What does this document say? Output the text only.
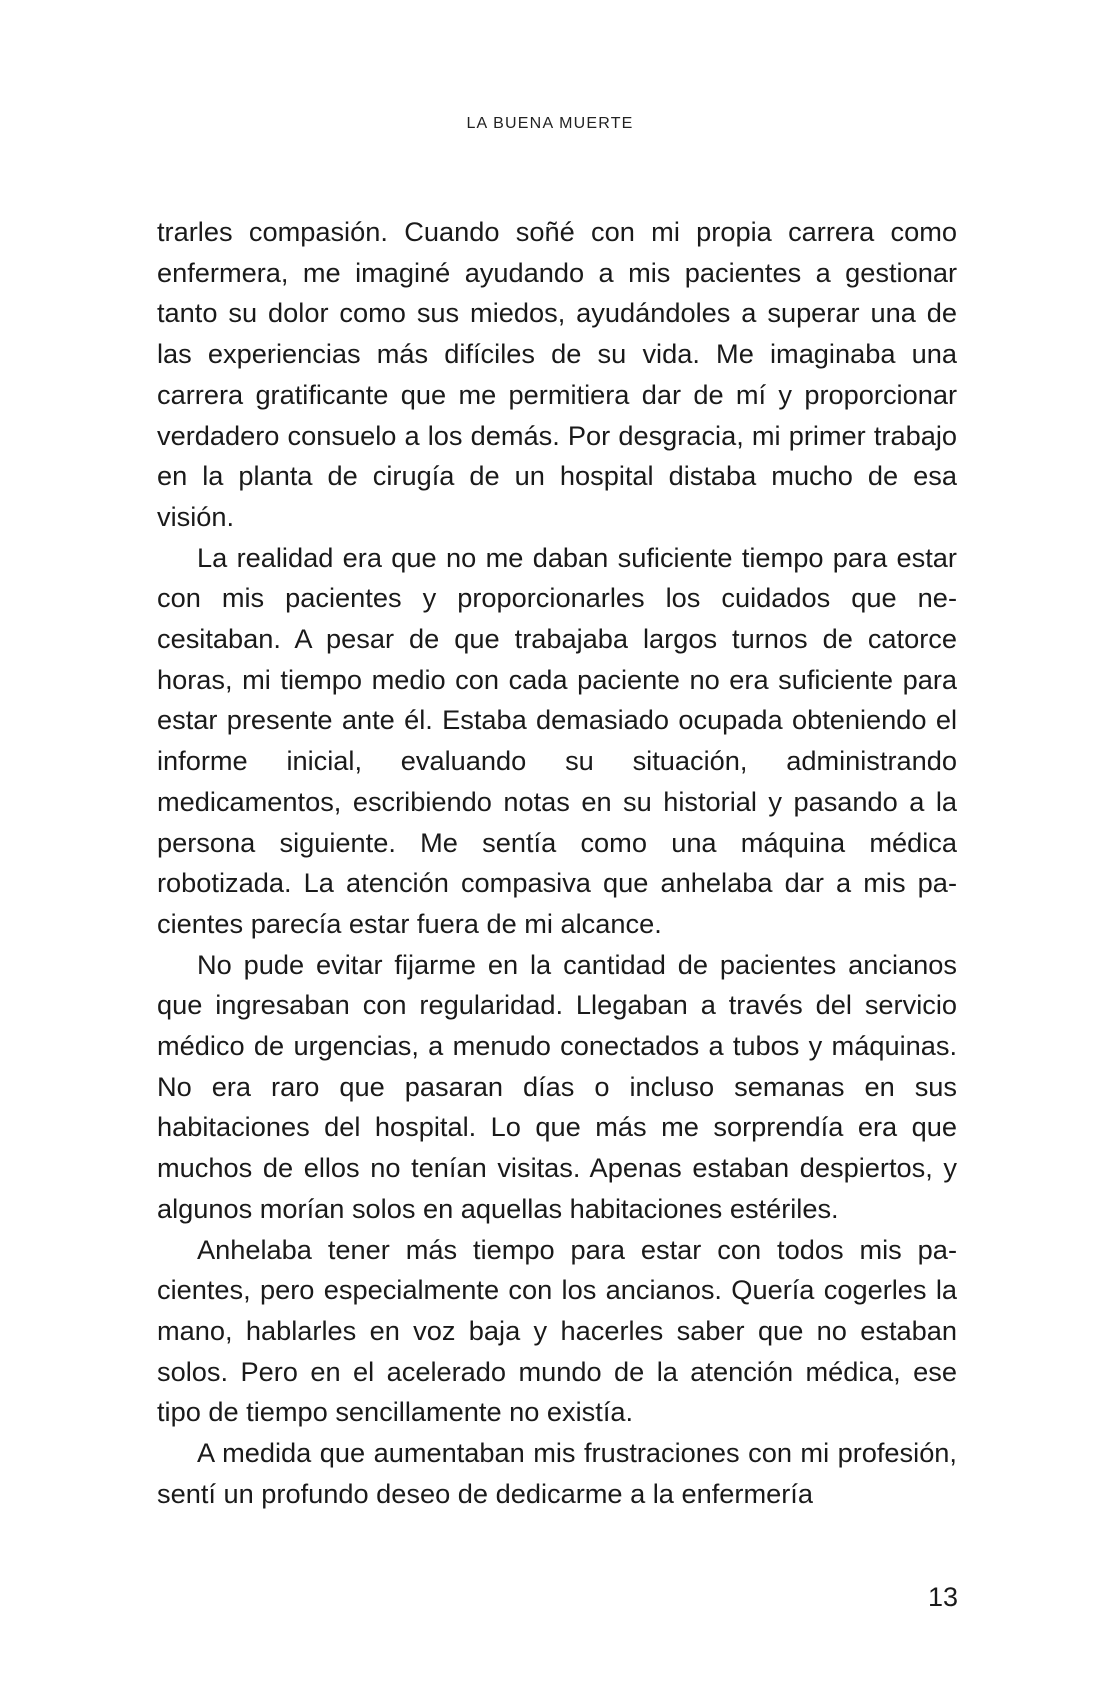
LA BUENA MUERTE

trarles compasión. Cuando soñé con mi propia carrera como enfermera, me imaginé ayudando a mis pacientes a gestionar tanto su dolor como sus miedos, ayudándoles a superar una de las experiencias más difíciles de su vida. Me imaginaba una carrera gratificante que me permitiera dar de mí y proporcionar verdadero consuelo a los demás. Por desgracia, mi primer trabajo en la planta de cirugía de un hospital distaba mucho de esa visión.

La realidad era que no me daban suficiente tiempo para estar con mis pacientes y proporcionarles los cuidados que necesitaban. A pesar de que trabajaba largos turnos de catorce horas, mi tiempo medio con cada paciente no era suficiente para estar presente ante él. Estaba demasiado ocupada obteniendo el informe inicial, evaluando su situación, administrando medicamentos, escribiendo notas en su historial y pasando a la persona siguiente. Me sentía como una máquina médica robotizada. La atención compasiva que anhelaba dar a mis pacientes parecía estar fuera de mi alcance.

No pude evitar fijarme en la cantidad de pacientes ancianos que ingresaban con regularidad. Llegaban a través del servicio médico de urgencias, a menudo conectados a tubos y máquinas. No era raro que pasaran días o incluso semanas en sus habitaciones del hospital. Lo que más me sorprendía era que muchos de ellos no tenían visitas. Apenas estaban despiertos, y algunos morían solos en aquellas habitaciones estériles.

Anhelaba tener más tiempo para estar con todos mis pacientes, pero especialmente con los ancianos. Quería cogerles la mano, hablarles en voz baja y hacerles saber que no estaban solos. Pero en el acelerado mundo de la atención médica, ese tipo de tiempo sencillamente no existía.

A medida que aumentaban mis frustraciones con mi profesión, sentí un profundo deseo de dedicarme a la enfermería

13
